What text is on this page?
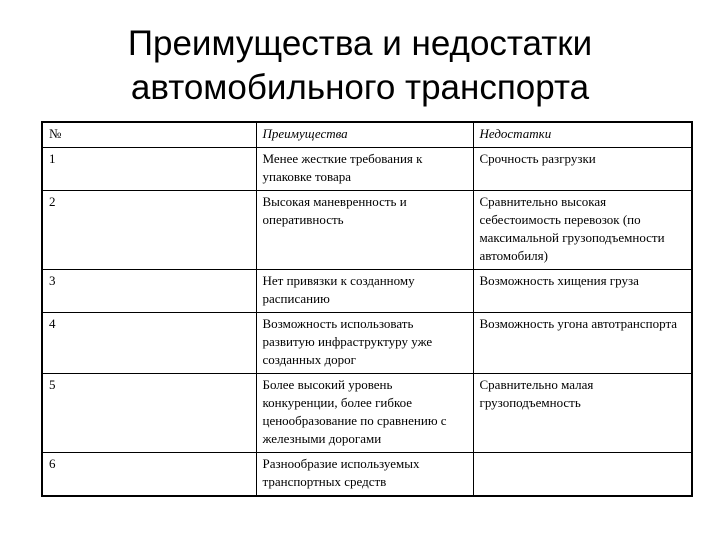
Преимущества и недостатки
автомобильного транспорта
№	Преимущества	Недостатки
1	Менее жесткие требования к упаковке товара	Срочность разгрузки
2	Высокая маневренность и оперативность	Сравнительно высокая себестоимость перевозок (по максимальной грузоподъемности автомобиля)
3	Нет привязки к созданному расписанию	Возможность хищения груза
4	Возможность использовать развитую инфраструктуру уже созданных дорог	Возможность угона автотранспорта
5	Более высокий уровень конкуренции, более гибкое ценообразование по сравнению с железными дорогами	Сравнительно малая грузоподъемность
6	Разнообразие используемых транспортных средств	
